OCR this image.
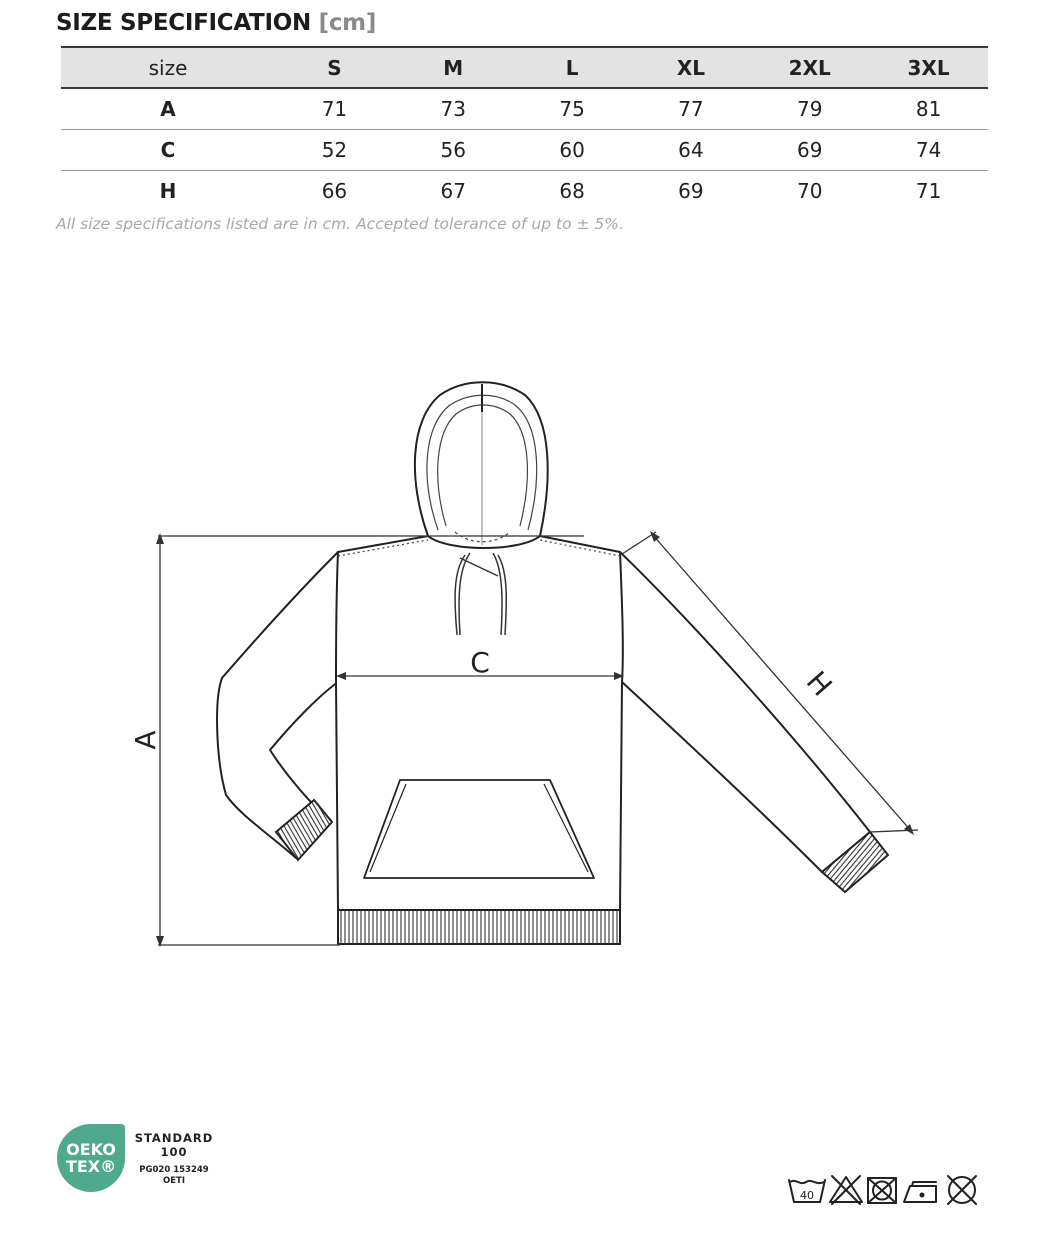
SIZE SPECIFICATION [cm]
size	S	M	L	XL	2XL	3XL
A	71	73	75	77	79	81
C	52	56	60	64	69	74
H	66	67	68	69	70	71
All size specifications listed are in cm. Accepted tolerance of up to ± 5%.
A
C
H
OEKO
TEX®
STANDARD
100
PG020 153249
OETI
40
